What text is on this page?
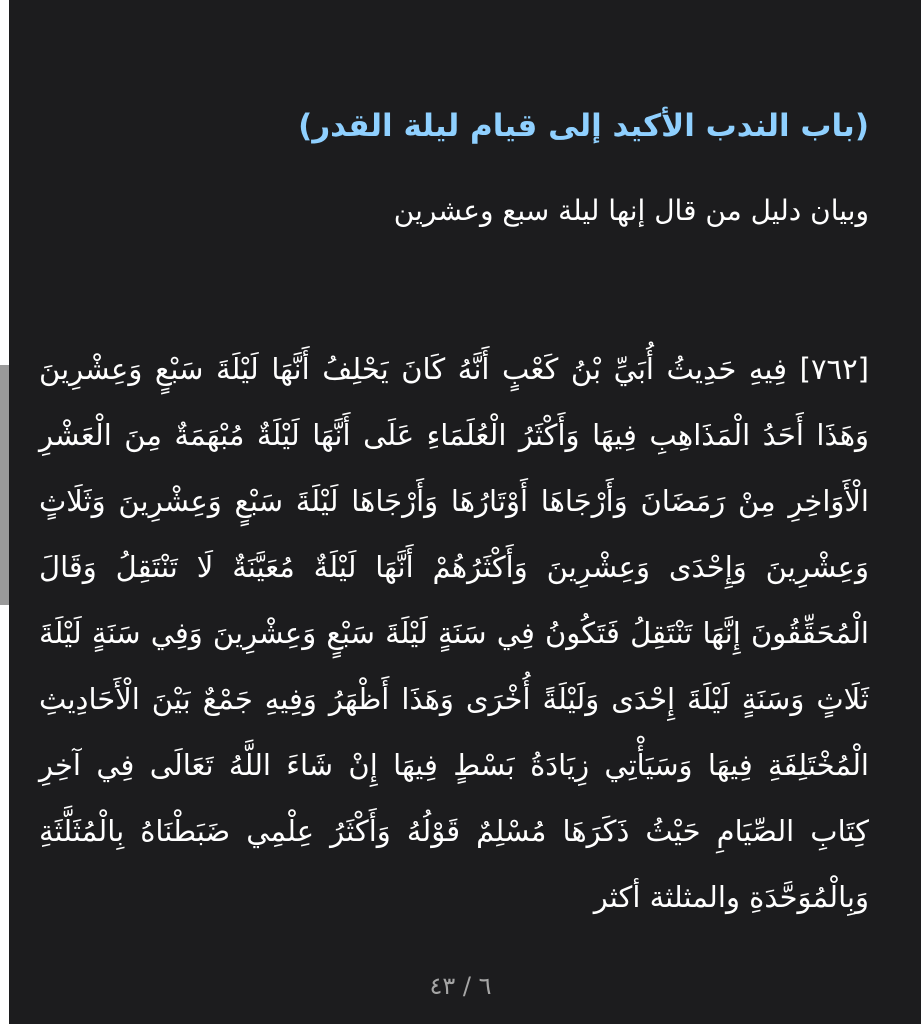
(باب الندب الأكيد إلى قيام ليلة القدر)

وبيان دليل من قال إنها ليلة سبع وعشرين

[٧٦٢] فِيهِ حَدِيثُ أُبَيِّ بْنُ كَعْبٍ أَنَّهُ كَانَ يَحْلِفُ أَنَّهَا لَيْلَةَ سَبْعٍ وَعِشْرِينَ وَهَذَا أَحَدُ الْمَذَاهِبِ فِيهَا وَأَكْثَرُ الْعُلَمَاءِ عَلَى أَنَّهَا لَيْلَةٌ مُبْهَمَةٌ مِنَ الْعَشْرِ الْأَوَاخِرِ مِنْ رَمَضَانَ وَأَرْجَاهَا أَوْتَارُهَا وَأَرْجَاهَا لَيْلَةَ سَبْعٍ وَعِشْرِينَ وَثَلَاثٍ وَعِشْرِينَ وَإِحْدَى وَعِشْرِينَ وَأَكْثَرُهُمْ أَنَّهَا لَيْلَةٌ مُعَيَّنَةٌ لَا تَنْتَقِلُ وَقَالَ الْمُحَقِّقُونَ إِنَّهَا تَنْتَقِلُ فَتَكُونُ فِي سَنَةٍ لَيْلَةَ سَبْعٍ وَعِشْرِينَ وَفِي سَنَةٍ لَيْلَةَ ثَلَاثٍ وَسَنَةٍ لَيْلَةَ إِحْدَى وَلَيْلَةً أُخْرَى وَهَذَا أَظْهَرُ وَفِيهِ جَمْعٌ بَيْنَ الْأَحَادِيثِ الْمُخْتَلِفَةِ فِيهَا وَسَيَأْتِي زِيَادَةُ بَسْطٍ فِيهَا إِنْ شَاءَ اللَّهُ تَعَالَى فِي آخِرِ كِتَابِ الصِّيَامِ حَيْثُ ذَكَرَهَا مُسْلِمٌ قَوْلُهُ وَأَكْثَرُ عِلْمِي ضَبَطْنَاهُ بِالْمُثَلَّثَةِ وَبِالْمُوَحَّدَةِ والمثلثة أكثر

٦ / ٤٣
